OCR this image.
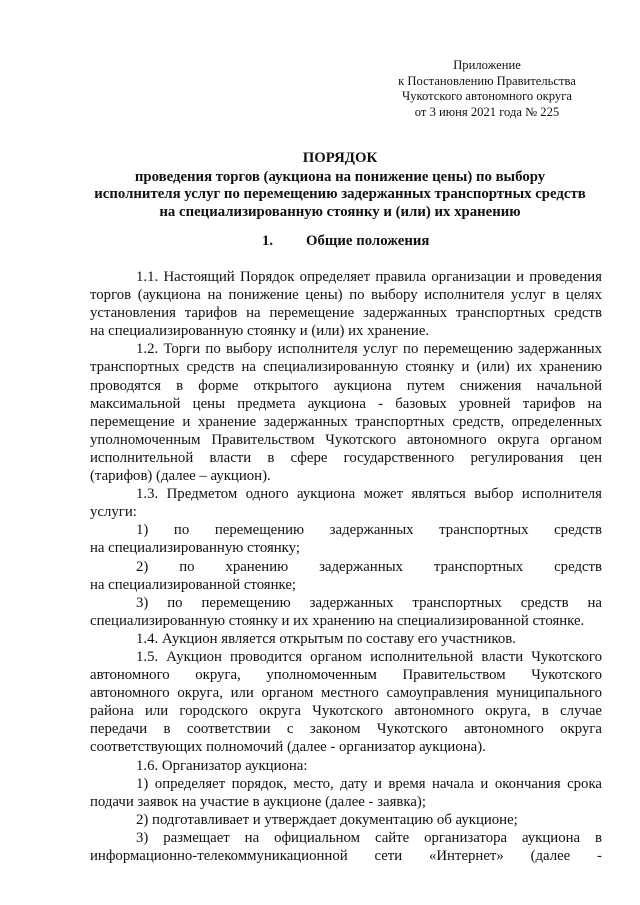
Приложение
к Постановлению Правительства
Чукотского автономного округа
от 3 июня 2021 года № 225
ПОРЯДОК
проведения торгов (аукциона на понижение цены) по выбору
исполнителя услуг по перемещению задержанных транспортных средств
на специализированную стоянку и (или) их хранению
1. Общие положения
1.1. Настоящий Порядок определяет правила организации и проведения
торгов (аукциона на понижение цены) по выбору исполнителя услуг в целях
установления тарифов на перемещение задержанных транспортных средств
на специализированную стоянку и (или) их хранение.
1.2. Торги по выбору исполнителя услуг по перемещению задержанных
транспортных средств на специализированную стоянку и (или) их хранению
проводятся в форме открытого аукциона путем снижения начальной
максимальной цены предмета аукциона - базовых уровней тарифов на
перемещение и хранение задержанных транспортных средств, определенных
уполномоченным Правительством Чукотского автономного округа органом
исполнительной власти в сфере государственного регулирования цен
(тарифов) (далее – аукцион).
1.3. Предметом одного аукциона может являться выбор исполнителя
услуги:
1) по перемещению задержанных транспортных средств
на специализированную стоянку;
2) по хранению задержанных транспортных средств
на специализированной стоянке;
3) по перемещению задержанных транспортных средств на
специализированную стоянку и их хранению на специализированной стоянке.
1.4. Аукцион является открытым по составу его участников.
1.5. Аукцион проводится органом исполнительной власти Чукотского
автономного округа, уполномоченным Правительством Чукотского
автономного округа, или органом местного самоуправления муниципального
района или городского округа Чукотского автономного округа, в случае
передачи в соответствии с законом Чукотского автономного округа
соответствующих полномочий (далее - организатор аукциона).
1.6. Организатор аукциона:
1) определяет порядок, место, дату и время начала и окончания срока
подачи заявок на участие в аукционе (далее - заявка);
2) подготавливает и утверждает документацию об аукционе;
3) размещает на официальном сайте организатора аукциона в
информационно-телекоммуникационной сети «Интернет» (далее -
